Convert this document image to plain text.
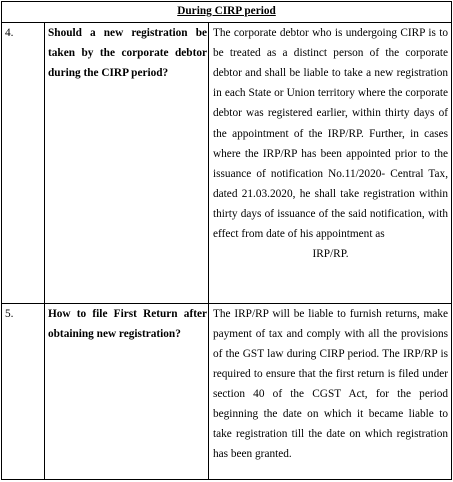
During CIRP period		
4.	Should a new registration be taken by the corporate debtor during the CIRP period?	The corporate debtor who is undergoing CIRP is to be treated as a distinct person of the corporate debtor and shall be liable to take a new registration in each State or Union territory where the corporate debtor was registered earlier, within thirty days of the appointment of the IRP/RP. Further, in cases where the IRP/RP has been appointed prior to the issuance of notification No.11/2020- Central Tax, dated 21.03.2020, he shall take registration within thirty days of issuance of the said notification, with effect from date of his appointment as
IRP/RP.

5.	How to file First Return after obtaining new registration?	The IRP/RP will be liable to furnish returns, make payment of tax and comply with all the provisions of the GST law during CIRP period. The IRP/RP is required to ensure that the first return is filed under section 40 of the CGST Act, for the period beginning the date on which it became liable to take registration till the date on which registration has been granted.
